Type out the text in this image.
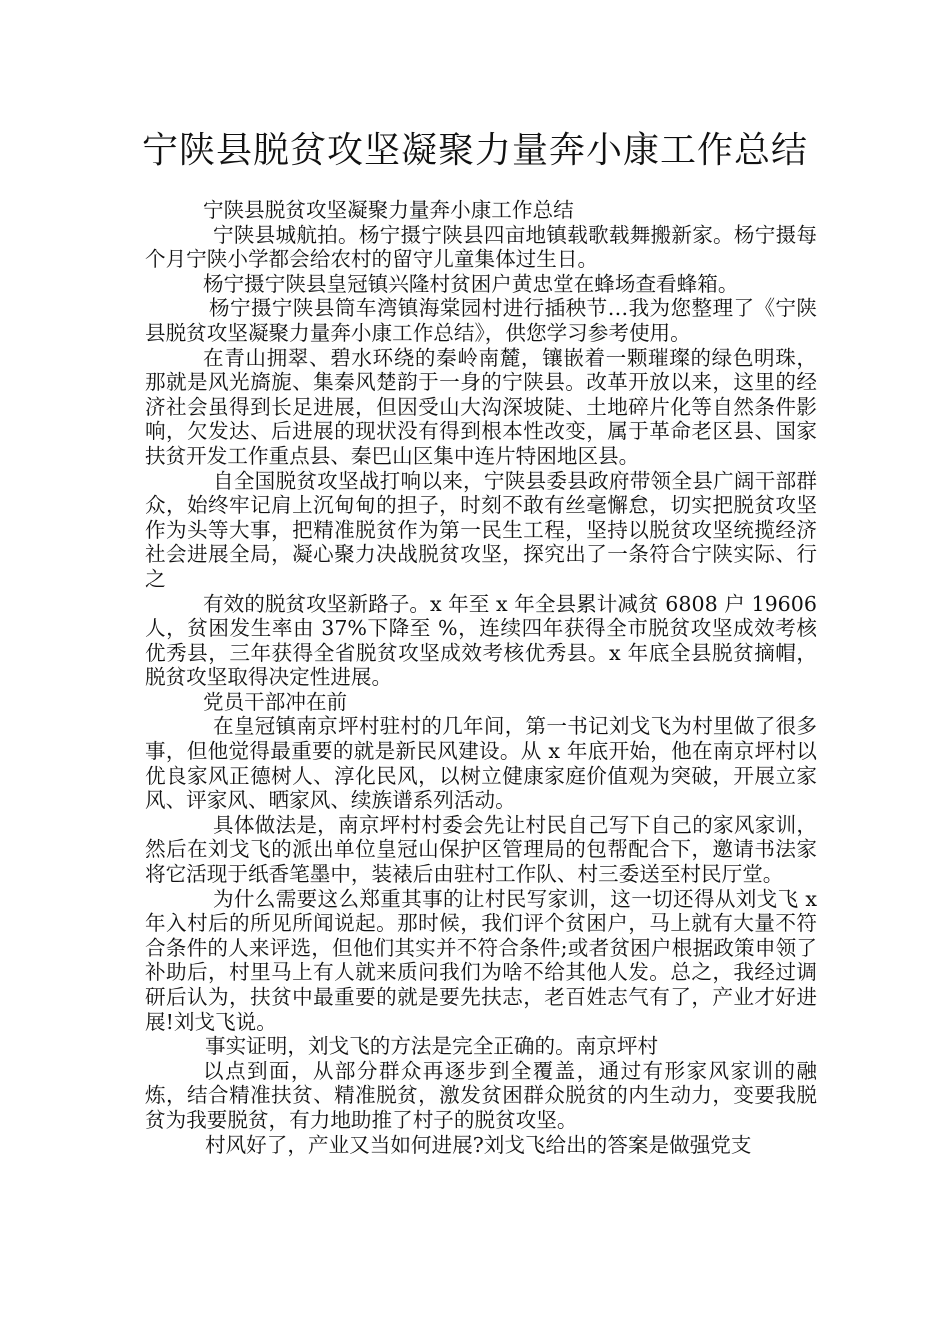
宁陕县脱贫攻坚凝聚力量奔小康工作总结

宁陕县脱贫攻坚凝聚力量奔小康工作总结

宁陕县城航拍。杨宁摄宁陕县四亩地镇载歌载舞搬新家。杨宁摄每个月宁陕小学都会给农村的留守儿童集体过生日。

杨宁摄宁陕县皇冠镇兴隆村贫困户黄忠堂在蜂场查看蜂箱。

杨宁摄宁陕县筒车湾镇海棠园村进行插秧节…我为您整理了《宁陕县脱贫攻坚凝聚力量奔小康工作总结》，供您学习参考使用。

在青山拥翠、碧水环绕的秦岭南麓，镶嵌着一颗璀璨的绿色明珠，那就是风光旖旎、集秦风楚韵于一身的宁陕县。改革开放以来，这里的经济社会虽得到长足进展，但因受山大沟深坡陡、土地碎片化等自然条件影响，欠发达、后进展的现状没有得到根本性改变，属于革命老区县、国家扶贫开发工作重点县、秦巴山区集中连片特困地区县。

自全国脱贫攻坚战打响以来，宁陕县委县政府带领全县广阔干部群众，始终牢记肩上沉甸甸的担子，时刻不敢有丝毫懈怠，切实把脱贫攻坚作为头等大事，把精准脱贫作为第一民生工程，坚持以脱贫攻坚统揽经济社会进展全局，凝心聚力决战脱贫攻坚，探究出了一条符合宁陕实际、行之

有效的脱贫攻坚新路子。x 年至 x 年全县累计减贫 6808 户 19606 人，贫困发生率由 37%下降至 %，连续四年获得全市脱贫攻坚成效考核优秀县，三年获得全省脱贫攻坚成效考核优秀县。x 年底全县脱贫摘帽，脱贫攻坚取得决定性进展。

党员干部冲在前

在皇冠镇南京坪村驻村的几年间，第一书记刘戈飞为村里做了很多事，但他觉得最重要的就是新民风建设。从 x 年底开始，他在南京坪村以优良家风正德树人、淳化民风，以树立健康家庭价值观为突破，开展立家风、评家风、晒家风、续族谱系列活动。

具体做法是，南京坪村村委会先让村民自己写下自己的家风家训，然后在刘戈飞的派出单位皇冠山保护区管理局的包帮配合下，邀请书法家将它活现于纸香笔墨中，装裱后由驻村工作队、村三委送至村民厅堂。

为什么需要这么郑重其事的让村民写家训，这一切还得从刘戈飞 x 年入村后的所见所闻说起。那时候，我们评个贫困户，马上就有大量不符合条件的人来评选，但他们其实并不符合条件;或者贫困户根据政策申领了补助后，村里马上有人就来质问我们为啥不给其他人发。总之，我经过调研后认为，扶贫中最重要的就是要先扶志，老百姓志气有了，产业才好进展!刘戈飞说。

事实证明，刘戈飞的方法是完全正确的。南京坪村

以点到面，从部分群众再逐步到全覆盖，通过有形家风家训的融炼，结合精准扶贫、精准脱贫，激发贫困群众脱贫的内生动力，变要我脱贫为我要脱贫，有力地助推了村子的脱贫攻坚。

村风好了，产业又当如何进展?刘戈飞给出的答案是做强党支
